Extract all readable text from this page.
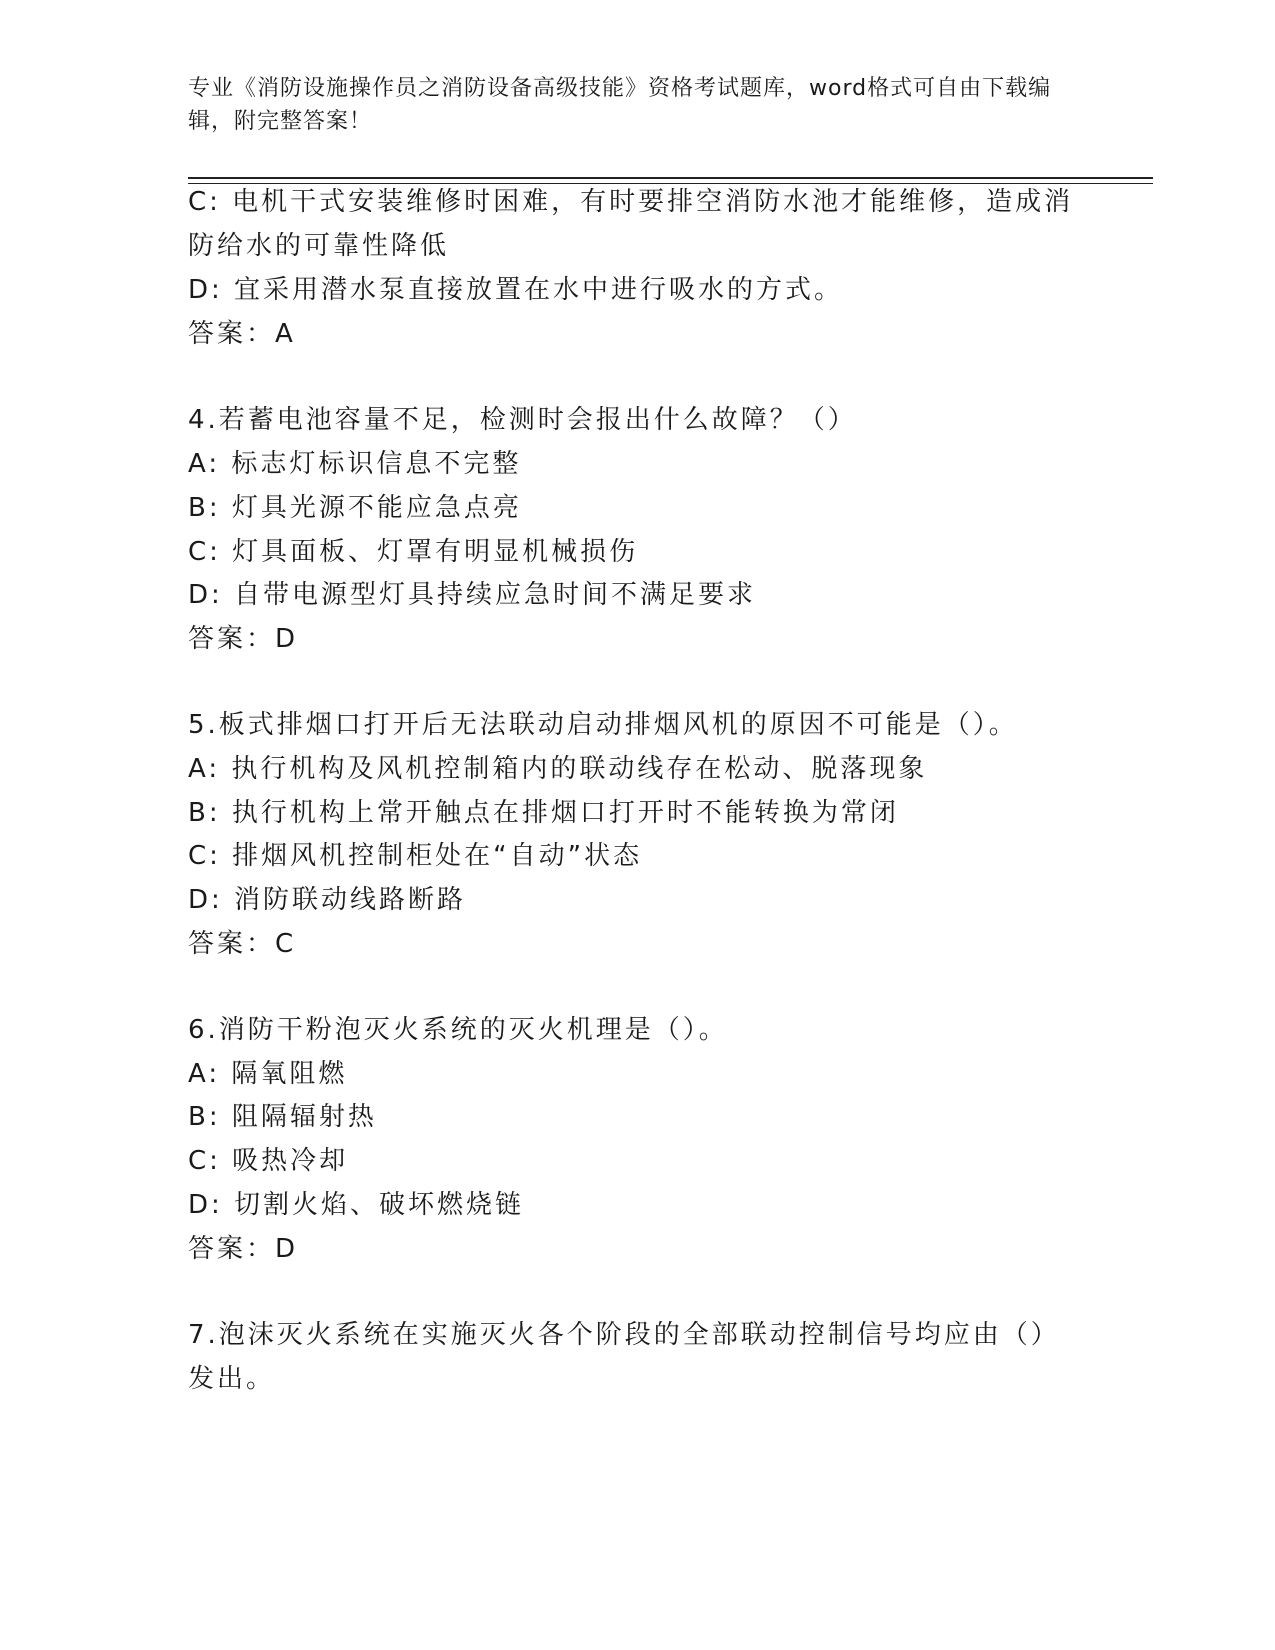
专业《消防设施操作员之消防设备高级技能》资格考试题库，word格式可自由下载编辑，附完整答案！
C: 电机干式安装维修时困难，有时要排空消防水池才能维修，造成消
防给水的可靠性降低
D: 宜采用潜水泵直接放置在水中进行吸水的方式。
答案：A
4.若蓄电池容量不足，检测时会报出什么故障？（）
A: 标志灯标识信息不完整
B: 灯具光源不能应急点亮
C: 灯具面板、灯罩有明显机械损伤
D: 自带电源型灯具持续应急时间不满足要求
答案：D
5.板式排烟口打开后无法联动启动排烟风机的原因不可能是（）。
A: 执行机构及风机控制箱内的联动线存在松动、脱落现象
B: 执行机构上常开触点在排烟口打开时不能转换为常闭
C: 排烟风机控制柜处在“自动”状态
D: 消防联动线路断路
答案：C
6.消防干粉泡灭火系统的灭火机理是（）。
A: 隔氧阻燃
B: 阻隔辐射热
C: 吸热冷却
D: 切割火焰、破坏燃烧链
答案：D
7.泡沫灭火系统在实施灭火各个阶段的全部联动控制信号均应由（）
发出。
